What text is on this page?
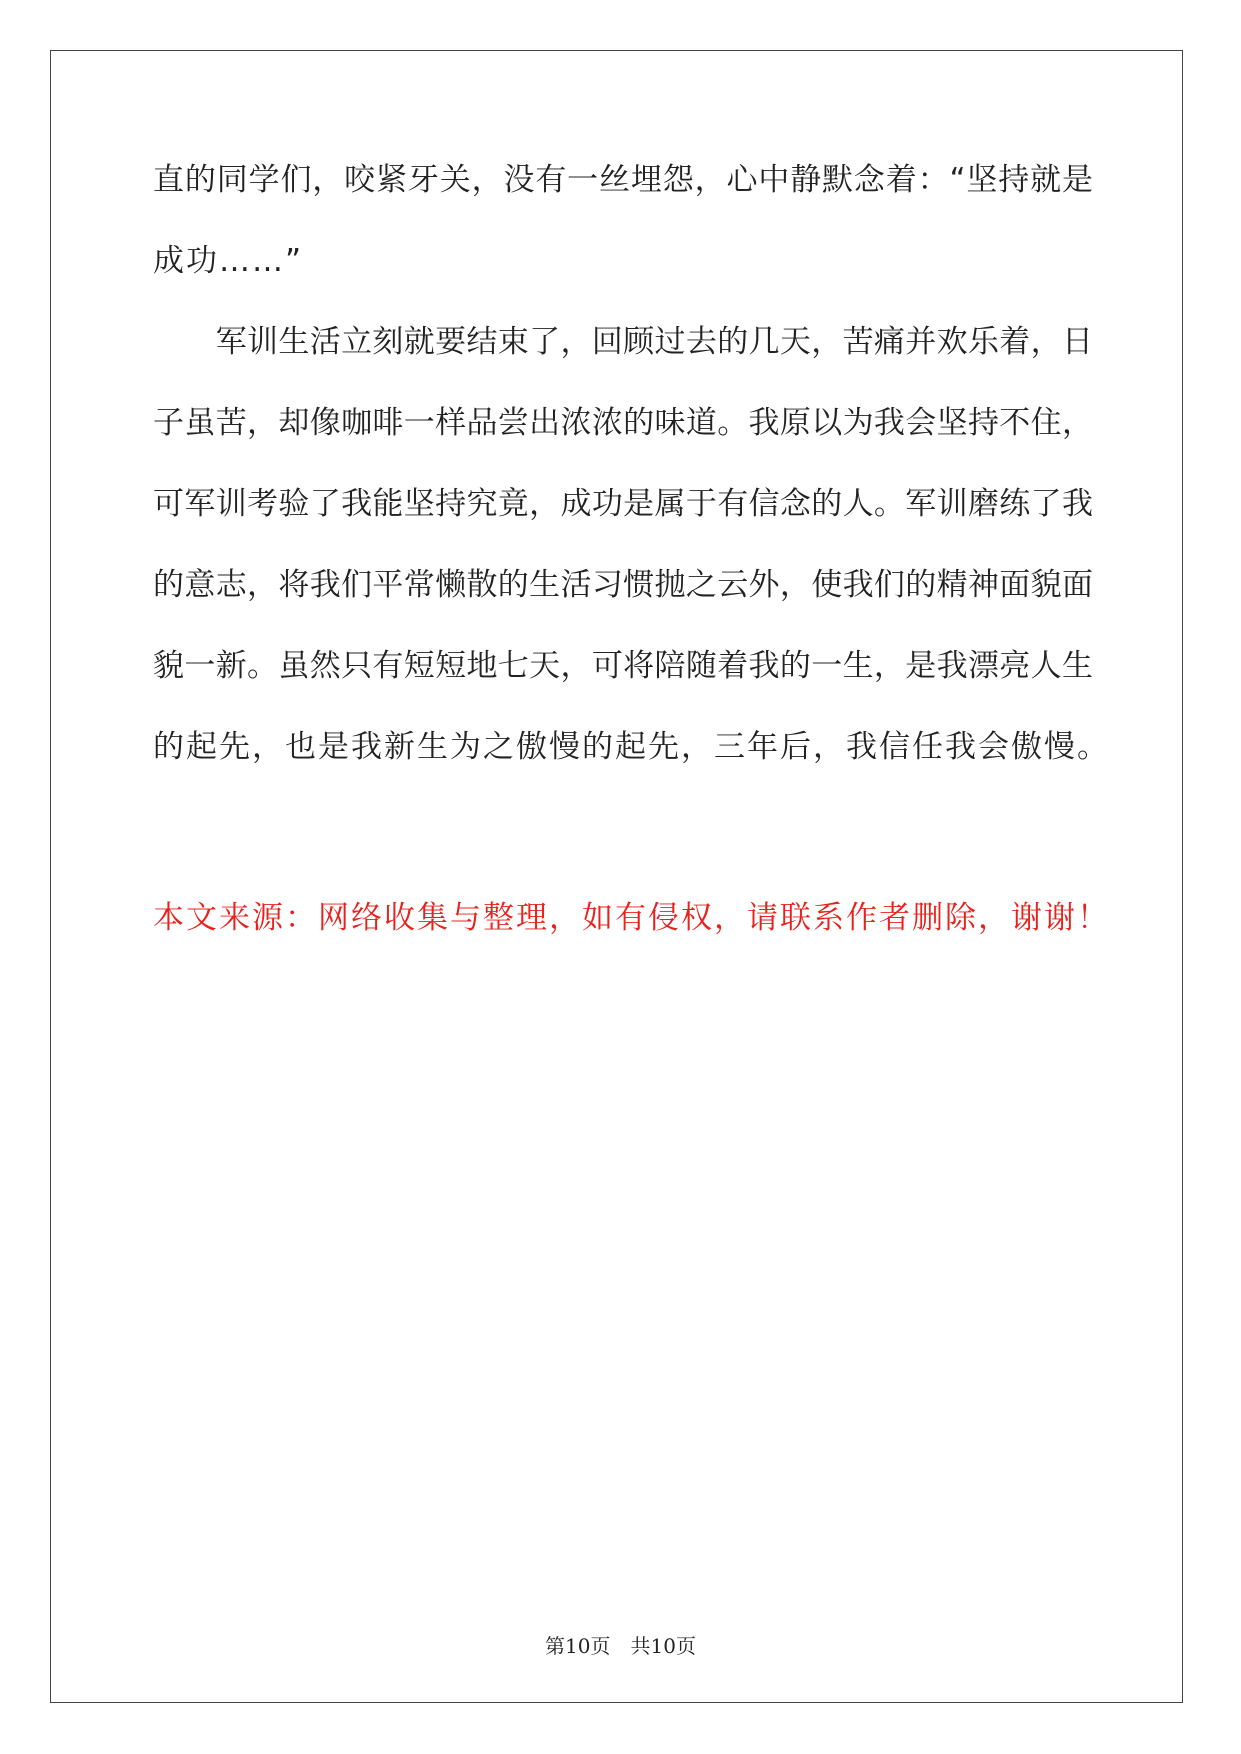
直的同学们，咬紧牙关，没有一丝埋怨，心中静默念着：“坚持就是
成功……”
　　军训生活立刻就要结束了，回顾过去的几天，苦痛并欢乐着，日
子虽苦，却像咖啡一样品尝出浓浓的味道。我原以为我会坚持不住，
可军训考验了我能坚持究竟，成功是属于有信念的人。军训磨练了我
的意志，将我们平常懒散的生活习惯抛之云外，使我们的精神面貌面
貌一新。虽然只有短短地七天，可将陪随着我的一生，是我漂亮人生
的起先，也是我新生为之傲慢的起先，三年后，我信任我会傲慢。
本文来源：网络收集与整理，如有侵权，请联系作者删除，谢谢！
第10页　共10页
